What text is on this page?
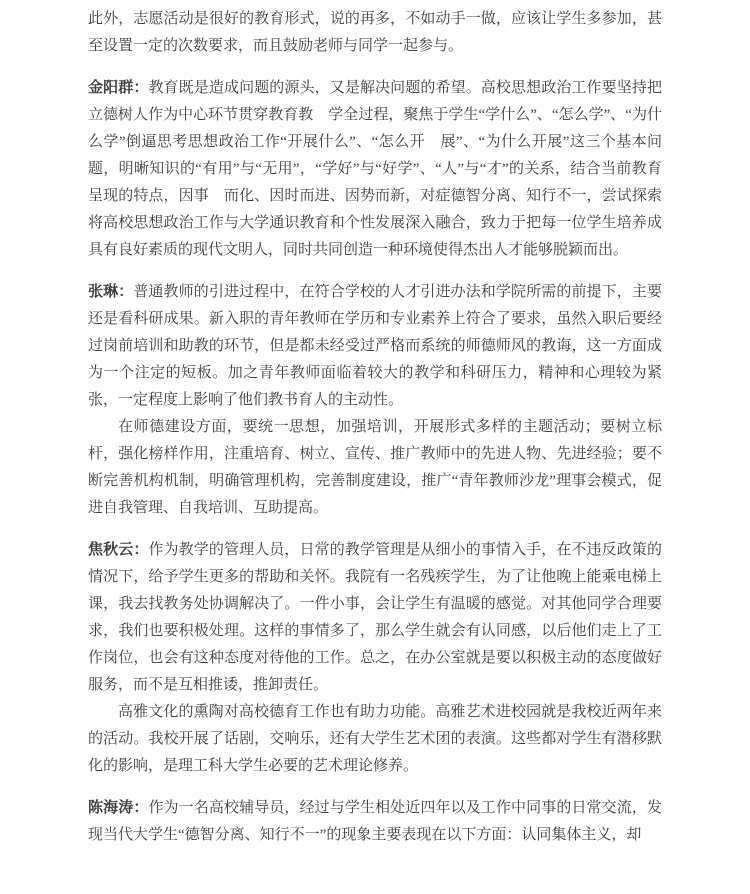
此外，志愿活动是很好的教育形式，说的再多，不如动手一做，应该让学生多参加，甚至设置一定的次数要求，而且鼓励老师与同学一起参与。

金阳群：教育既是造成问题的源头，又是解决问题的希望。高校思想政治工作要坚持把立德树人作为中心环节贯穿教育教　学全过程，聚焦于学生“学什么”、“怎么学”、“为什么学”倒逼思考思想政治工作“开展什么”、“怎么开　展”、“为什么开展”这三个基本问题，明晰知识的“有用”与“无用”，“学好”与“好学”、“人”与“才”的关系，结合当前教育呈现的特点，因事　而化、因时而进、因势而新，对症德智分离、知行不一，尝试探索将高校思想政治工作与大学通识教育和个性发展深入融合，致力于把每一位学生培养成具有良好素质的现代文明人，同时共同创造一种环境使得杰出人才能够脱颖而出。

张琳：普通教师的引进过程中，在符合学校的人才引进办法和学院所需的前提下，主要还是看科研成果。新入职的青年教师在学历和专业素养上符合了要求，虽然入职后要经过岗前培训和助教的环节，但是都未经受过严格而系统的师德师风的教诲，这一方面成为一个注定的短板。加之青年教师面临着较大的教学和科研压力，精神和心理较为紧张，一定程度上影响了他们教书育人的主动性。

在师德建设方面，要统一思想，加强培训，开展形式多样的主题活动；要树立标杆，强化榜样作用，注重培育、树立、宣传、推广教师中的先进人物、先进经验；要不断完善机构机制，明确管理机构，完善制度建设，推广“青年教师沙龙”理事会模式，促进自我管理、自我培训、互助提高。

焦秋云：作为教学的管理人员，日常的教学管理是从细小的事情入手，在不违反政策的情况下，给予学生更多的帮助和关怀。我院有一名残疾学生，为了让他晚上能乘电梯上课，我去找教务处协调解决了。一件小事，会让学生有温暖的感觉。对其他同学合理要求，我们也要积极处理。这样的事情多了，那么学生就会有认同感，以后他们走上了工作岗位，也会有这种态度对待他的工作。总之，在办公室就是要以积极主动的态度做好服务，而不是互相推诿，推卸责任。

高雅文化的熏陶对高校德育工作也有助力功能。高雅艺术进校园就是我校近两年来的活动。我校开展了话剧，交响乐，还有大学生艺术团的表演。这些都对学生有潜移默化的影响，是理工科大学生必要的艺术理论修养。

陈海涛：作为一名高校辅导员，经过与学生相处近四年以及工作中同事的日常交流，发现当代大学生“德智分离、知行不一”的现象主要表现在以下方面：认同集体主义，却
